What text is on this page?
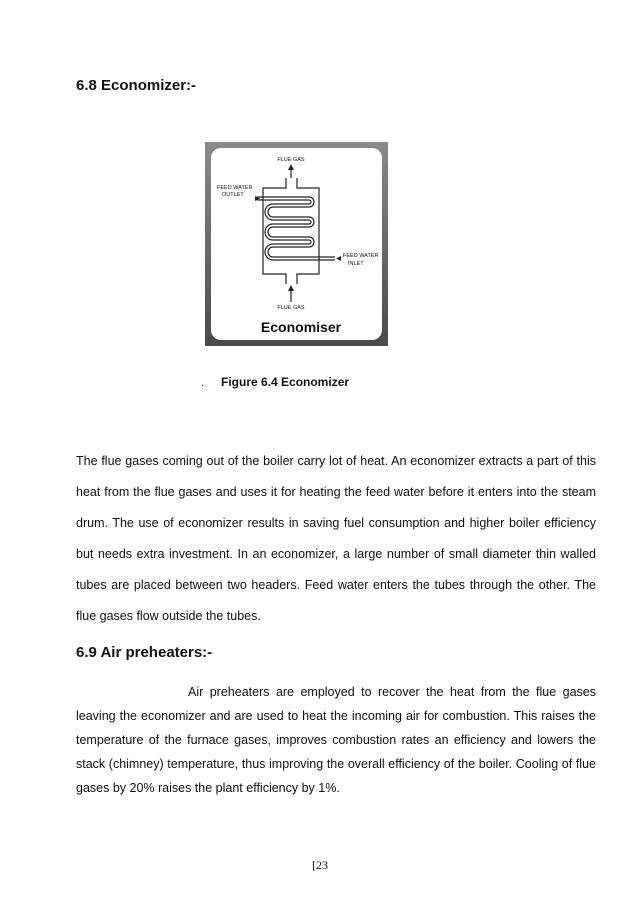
6.8 Economizer:-
FLUE GAS
FEED WATER
OUTLET
FEED WATER
INLET
FLUE GAS
Economiser
. Figure 6.4 Economizer

The flue gases coming out of the boiler carry lot of heat. An economizer extracts a part of this heat from the flue gases and uses it for heating the feed water before it enters into the steam drum. The use of economizer results in saving fuel consumption and higher boiler efficiency but needs extra investment. In an economizer, a large number of small diameter thin walled tubes are placed between two headers. Feed water enters the tubes through the other. The flue gases flow outside the tubes.

6.9 Air preheaters:-

Air preheaters are employed to recover the heat from the flue gases leaving the economizer and are used to heat the incoming air for combustion. This raises the temperature of the furnace gases, improves combustion rates an efficiency and lowers the stack (chimney) temperature, thus improving the overall efficiency of the boiler. Cooling of flue gases by 20% raises the plant efficiency by 1%.

[23
